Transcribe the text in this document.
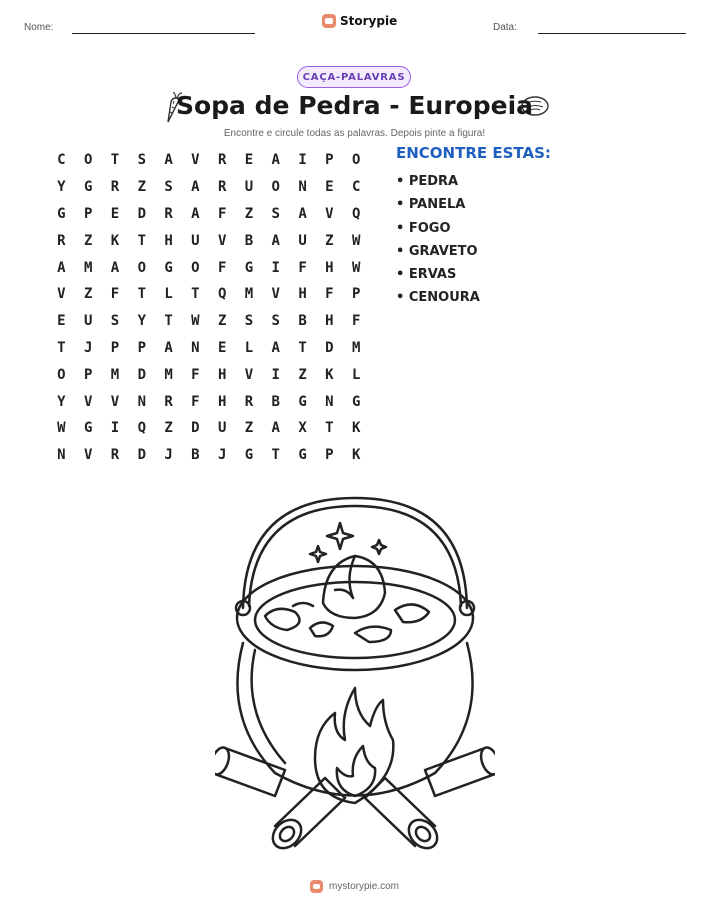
Nome:	Data:
Storypie
CAÇA-PALAVRAS
Sopa de Pedra - Europeia
Encontre e circule todas as palavras. Depois pinte a figura!
C	O	T	S	A	V	R	E	A	I	P	O
Y	G	R	Z	S	A	R	U	O	N	E	C
G	P	E	D	R	A	F	Z	S	A	V	Q
R	Z	K	T	H	U	V	B	A	U	Z	W
A	M	A	O	G	O	F	G	I	F	H	W
V	Z	F	T	L	T	Q	M	V	H	F	P
E	U	S	Y	T	W	Z	S	S	B	H	F
T	J	P	P	A	N	E	L	A	T	D	M
O	P	M	D	M	F	H	V	I	Z	K	L
Y	V	V	N	R	F	H	R	B	G	N	G
W	G	I	Q	Z	D	U	Z	A	X	T	K
N	V	R	D	J	B	J	G	T	G	P	K
ENCONTRE ESTAS:
• PEDRA
• PANELA
• FOGO
• GRAVETO
• ERVAS
• CENOURA
mystorypie.com
